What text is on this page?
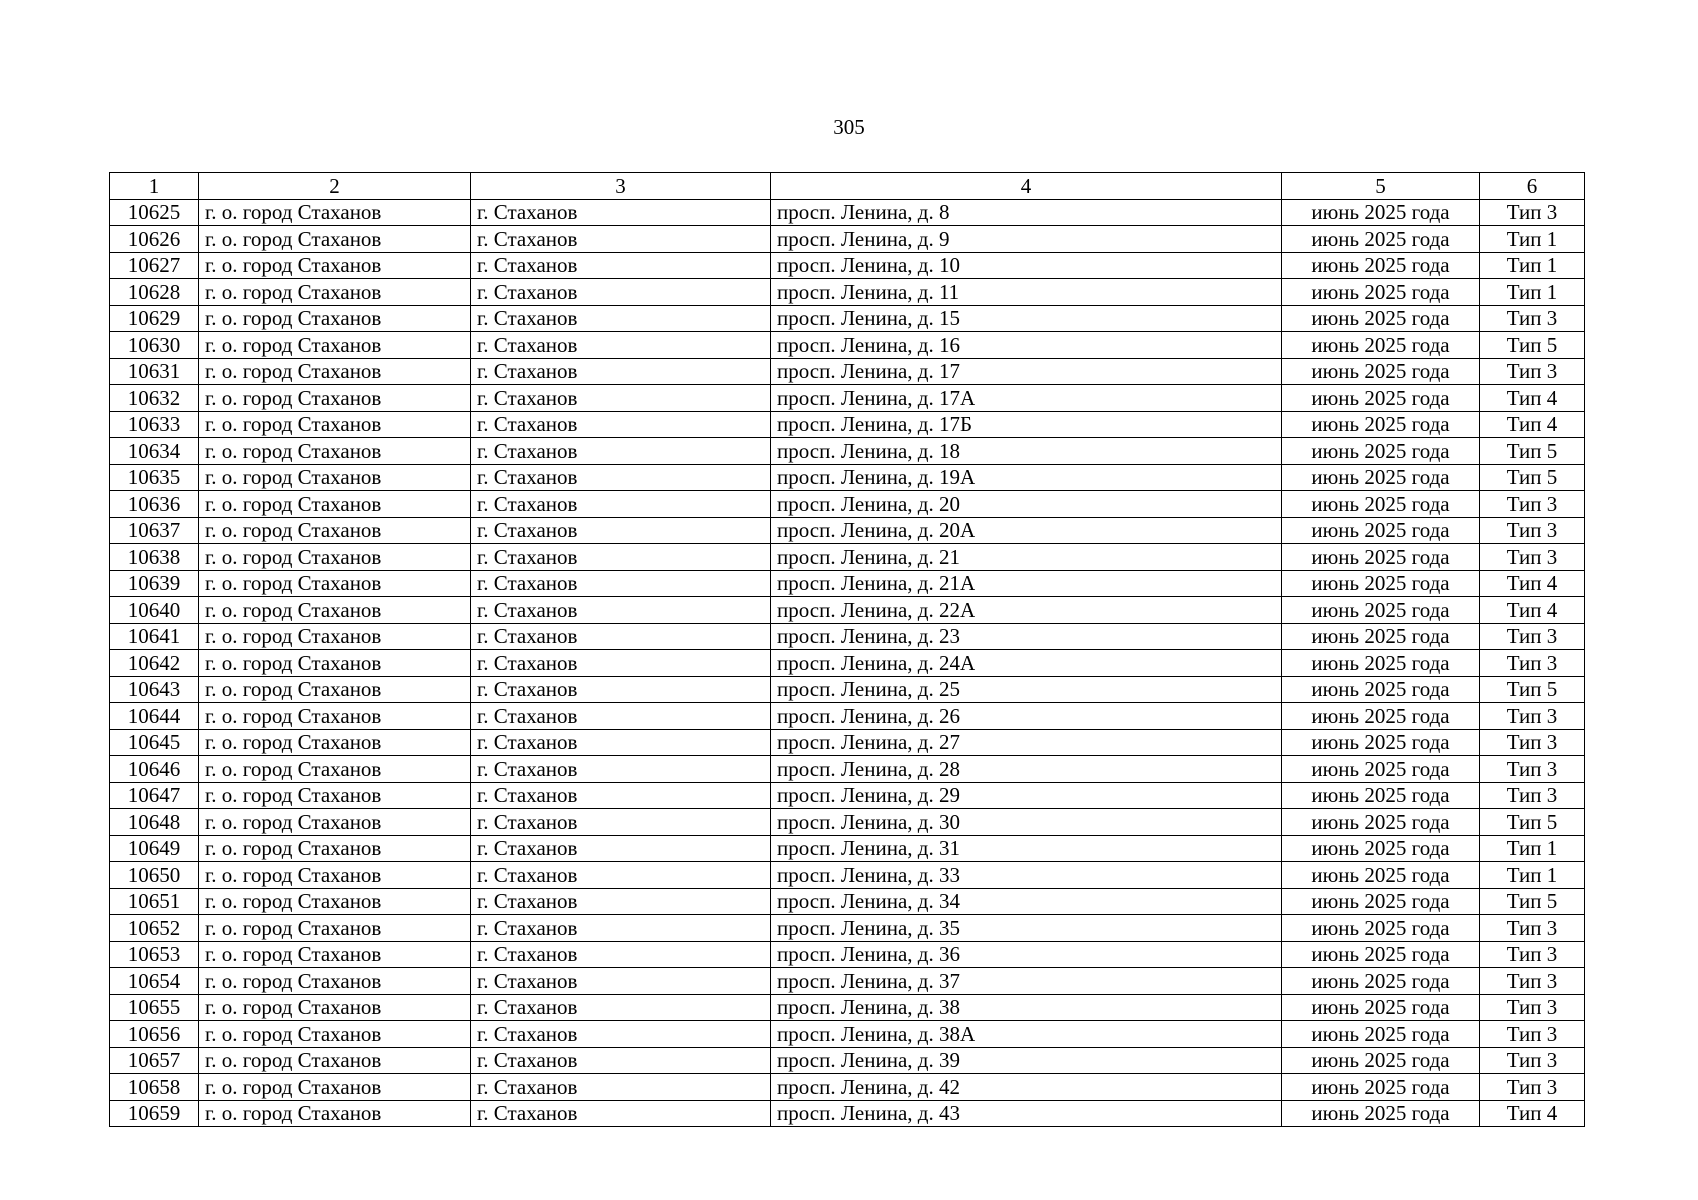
305
1	2	3	4	5	6
10625	г. о. город Стаханов	г. Стаханов	просп. Ленина, д. 8	июнь 2025 года	Тип 3
10626	г. о. город Стаханов	г. Стаханов	просп. Ленина, д. 9	июнь 2025 года	Тип 1
10627	г. о. город Стаханов	г. Стаханов	просп. Ленина, д. 10	июнь 2025 года	Тип 1
10628	г. о. город Стаханов	г. Стаханов	просп. Ленина, д. 11	июнь 2025 года	Тип 1
10629	г. о. город Стаханов	г. Стаханов	просп. Ленина, д. 15	июнь 2025 года	Тип 3
10630	г. о. город Стаханов	г. Стаханов	просп. Ленина, д. 16	июнь 2025 года	Тип 5
10631	г. о. город Стаханов	г. Стаханов	просп. Ленина, д. 17	июнь 2025 года	Тип 3
10632	г. о. город Стаханов	г. Стаханов	просп. Ленина, д. 17А	июнь 2025 года	Тип 4
10633	г. о. город Стаханов	г. Стаханов	просп. Ленина, д. 17Б	июнь 2025 года	Тип 4
10634	г. о. город Стаханов	г. Стаханов	просп. Ленина, д. 18	июнь 2025 года	Тип 5
10635	г. о. город Стаханов	г. Стаханов	просп. Ленина, д. 19А	июнь 2025 года	Тип 5
10636	г. о. город Стаханов	г. Стаханов	просп. Ленина, д. 20	июнь 2025 года	Тип 3
10637	г. о. город Стаханов	г. Стаханов	просп. Ленина, д. 20А	июнь 2025 года	Тип 3
10638	г. о. город Стаханов	г. Стаханов	просп. Ленина, д. 21	июнь 2025 года	Тип 3
10639	г. о. город Стаханов	г. Стаханов	просп. Ленина, д. 21А	июнь 2025 года	Тип 4
10640	г. о. город Стаханов	г. Стаханов	просп. Ленина, д. 22А	июнь 2025 года	Тип 4
10641	г. о. город Стаханов	г. Стаханов	просп. Ленина, д. 23	июнь 2025 года	Тип 3
10642	г. о. город Стаханов	г. Стаханов	просп. Ленина, д. 24А	июнь 2025 года	Тип 3
10643	г. о. город Стаханов	г. Стаханов	просп. Ленина, д. 25	июнь 2025 года	Тип 5
10644	г. о. город Стаханов	г. Стаханов	просп. Ленина, д. 26	июнь 2025 года	Тип 3
10645	г. о. город Стаханов	г. Стаханов	просп. Ленина, д. 27	июнь 2025 года	Тип 3
10646	г. о. город Стаханов	г. Стаханов	просп. Ленина, д. 28	июнь 2025 года	Тип 3
10647	г. о. город Стаханов	г. Стаханов	просп. Ленина, д. 29	июнь 2025 года	Тип 3
10648	г. о. город Стаханов	г. Стаханов	просп. Ленина, д. 30	июнь 2025 года	Тип 5
10649	г. о. город Стаханов	г. Стаханов	просп. Ленина, д. 31	июнь 2025 года	Тип 1
10650	г. о. город Стаханов	г. Стаханов	просп. Ленина, д. 33	июнь 2025 года	Тип 1
10651	г. о. город Стаханов	г. Стаханов	просп. Ленина, д. 34	июнь 2025 года	Тип 5
10652	г. о. город Стаханов	г. Стаханов	просп. Ленина, д. 35	июнь 2025 года	Тип 3
10653	г. о. город Стаханов	г. Стаханов	просп. Ленина, д. 36	июнь 2025 года	Тип 3
10654	г. о. город Стаханов	г. Стаханов	просп. Ленина, д. 37	июнь 2025 года	Тип 3
10655	г. о. город Стаханов	г. Стаханов	просп. Ленина, д. 38	июнь 2025 года	Тип 3
10656	г. о. город Стаханов	г. Стаханов	просп. Ленина, д. 38А	июнь 2025 года	Тип 3
10657	г. о. город Стаханов	г. Стаханов	просп. Ленина, д. 39	июнь 2025 года	Тип 3
10658	г. о. город Стаханов	г. Стаханов	просп. Ленина, д. 42	июнь 2025 года	Тип 3
10659	г. о. город Стаханов	г. Стаханов	просп. Ленина, д. 43	июнь 2025 года	Тип 4
